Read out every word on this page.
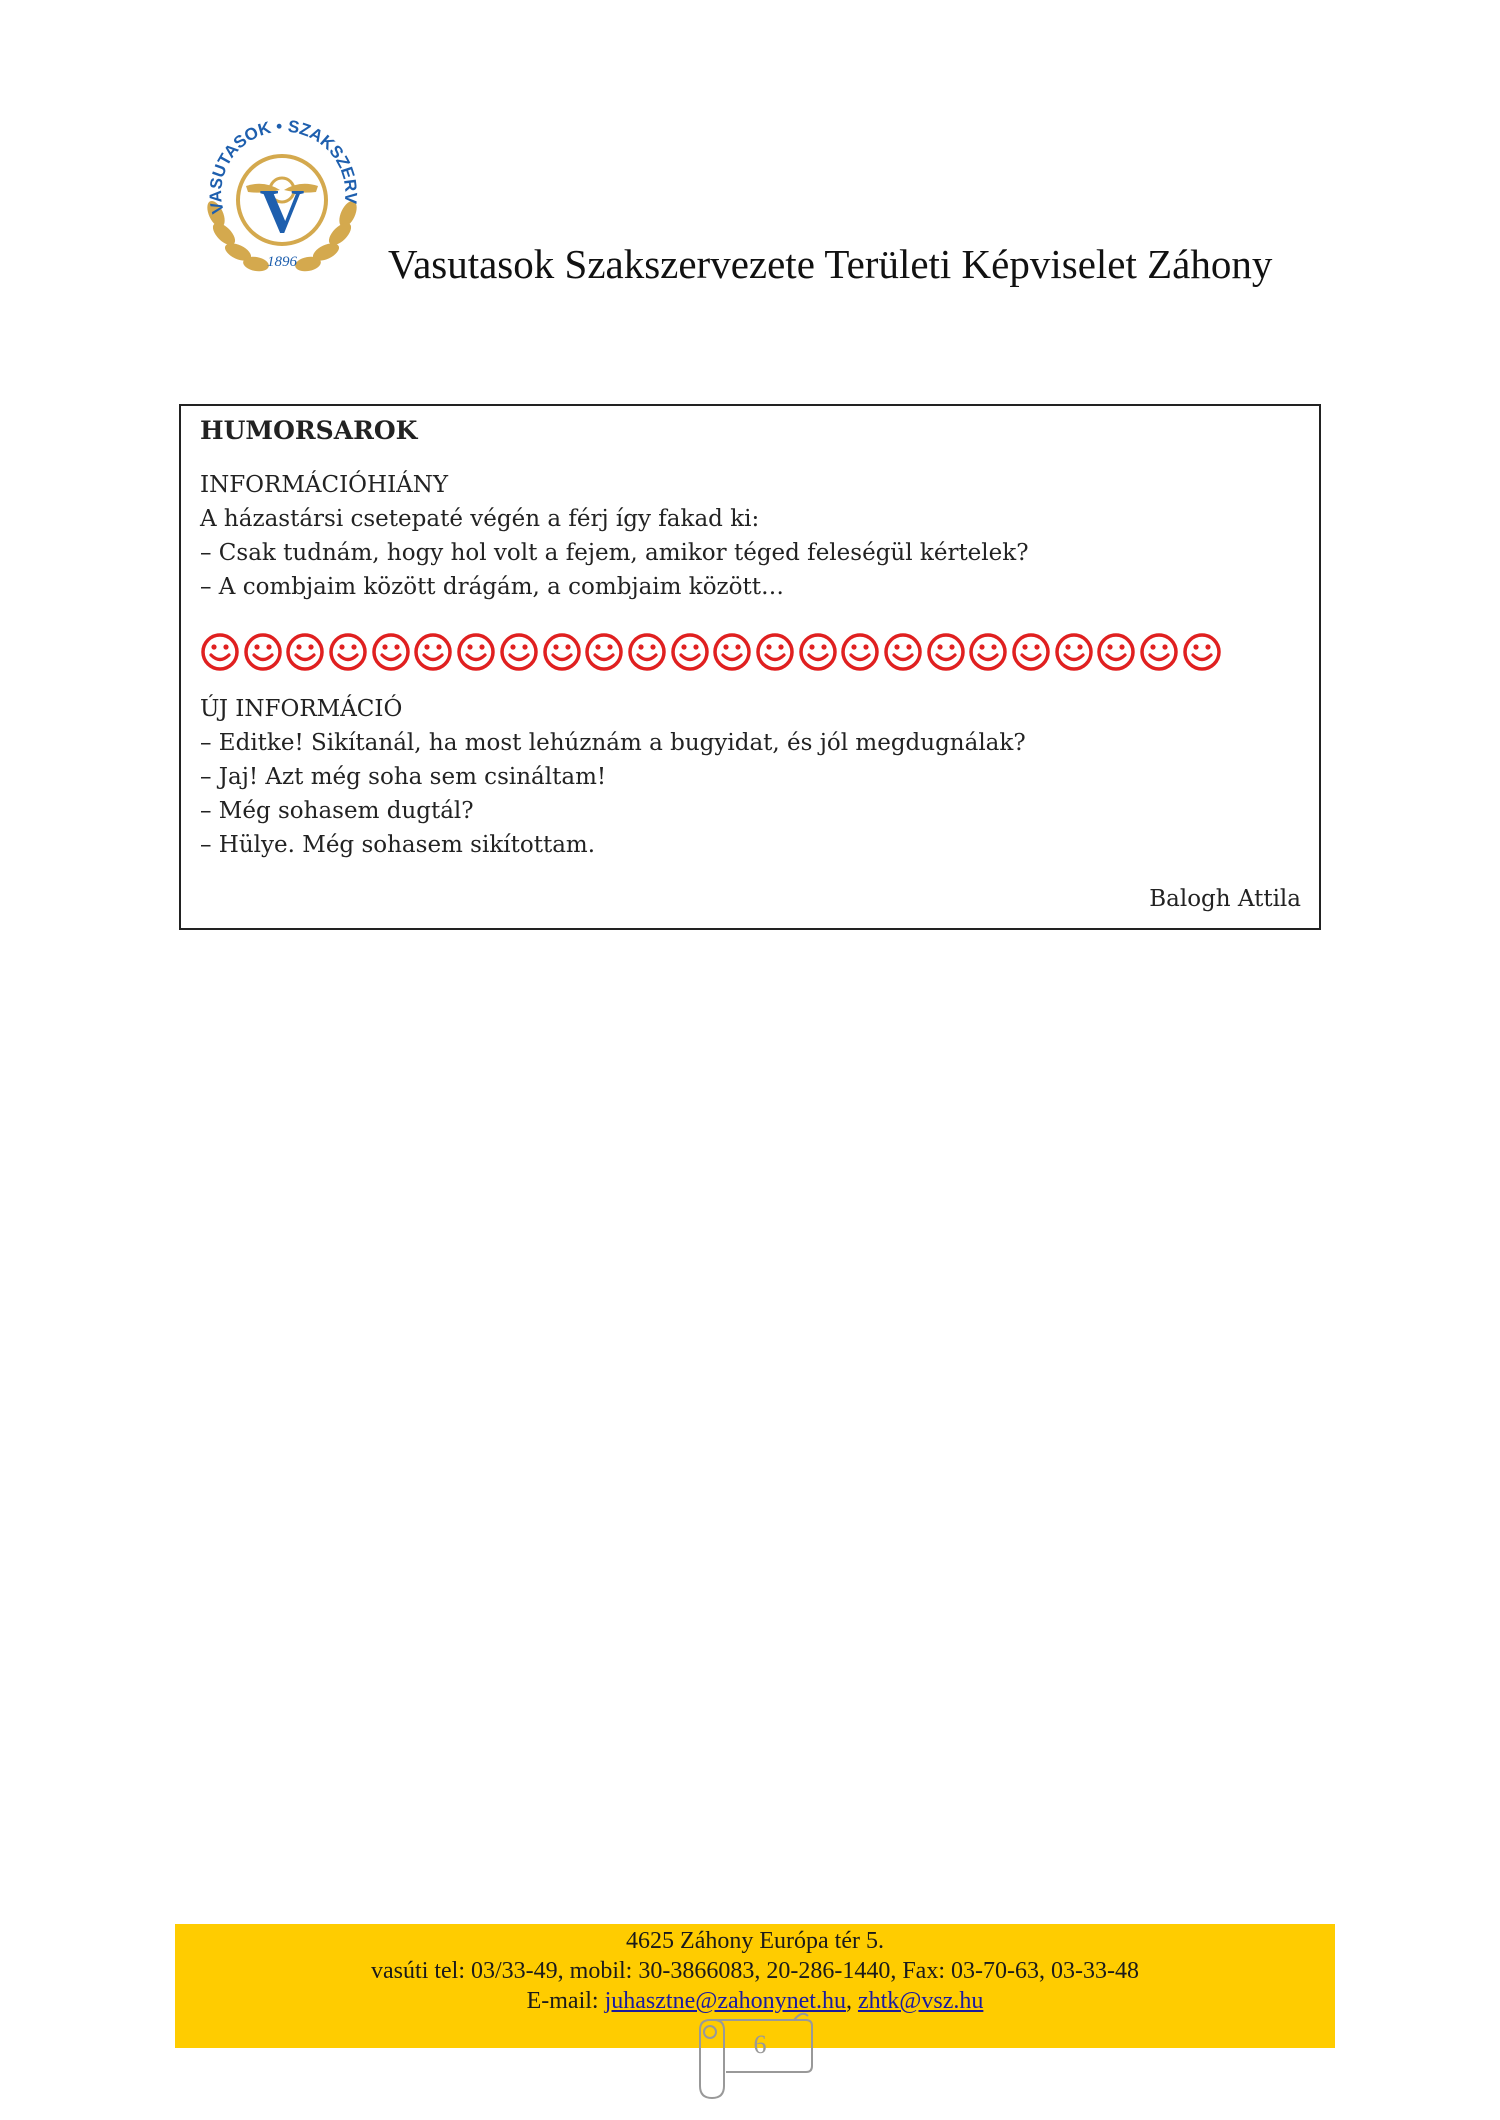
VASUTASOK • SZAKSZERV
V
1896 Vasutasok Szakszervezete Területi Képviselet Záhony
HUMORSAROK
INFORMÁCIÓHIÁNY
A házastársi csetepaté végén a férj így fakad ki:
– Csak tudnám, hogy hol volt a fejem, amikor téged feleségül kértelek?
– A combjaim között drágám, a combjaim között…
ÚJ INFORMÁCIÓ
– Editke! Sikítanál, ha most lehúznám a bugyidat, és jól megdugnálak?
– Jaj! Azt még soha sem csináltam!
– Még sohasem dugtál?
– Hülye. Még sohasem sikítottam.
Balogh Attila
4625 Záhony Európa tér 5.
vasúti tel: 03/33-49, mobil: 30-3866083, 20-286-1440, Fax: 03-70-63, 03-33-48
E-mail: juhasztne@zahonynet.hu, zhtk@vsz.hu
6
